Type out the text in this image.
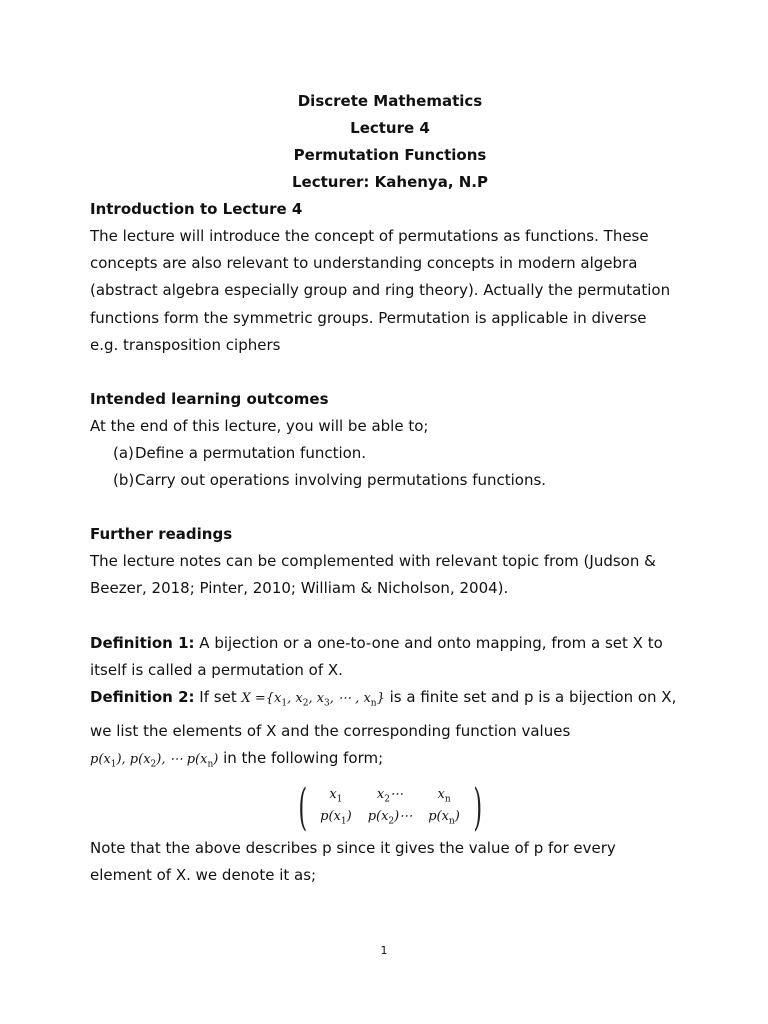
Discrete Mathematics
Lecture 4
Permutation Functions
Lecturer: Kahenya, N.P
Introduction to Lecture 4
The lecture will introduce the concept of permutations as functions. These
concepts are also relevant to understanding concepts in modern algebra
(abstract algebra especially group and ring theory). Actually the permutation
functions form the symmetric groups. Permutation is applicable in diverse
e.g. transposition ciphers
Intended learning outcomes
At the end of this lecture, you will be able to;
(a) Define a permutation function.
(b) Carry out operations involving permutations functions.
Further readings
The lecture notes can be complemented with relevant topic from (Judson &
Beezer, 2018; Pinter, 2010; William & Nicholson, 2004).
Definition 1: A bijection or a one-to-one and onto mapping, from a set X to
itself is called a permutation of X.
Definition 2: If set $X =\{x_1$, $x_2$, $x_3$, ⋯ , $x_n$} is a finite set and p is a bijection on X,
we list the elements of X and the corresponding function values
$p(x_1)$, $p(x_2)$, ⋯ $p(x_n)$ in the following form;
( $x_1$	$x_2\cdots$	$x_n$
$p(x_1)$	$p(x_2)\cdots$	$p(x_n)$ )
Note that the above describes p since it gives the value of p for every
element of X. we denote it as;
1
